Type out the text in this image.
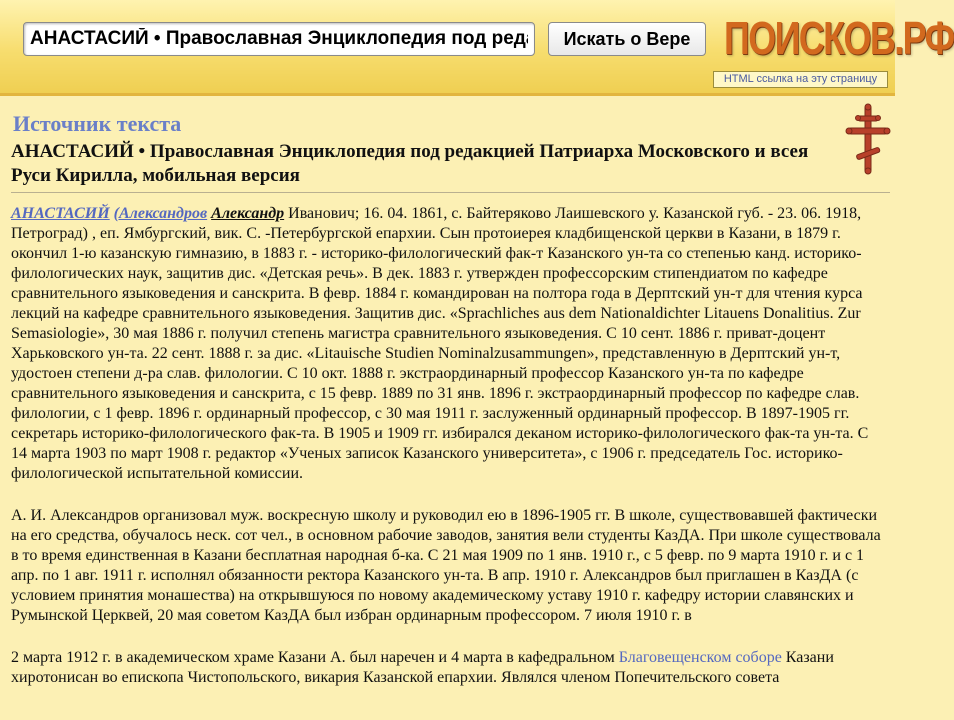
АНАСТАСИЙ • Православная Энциклопедия под редакцией Патриарха Московского и всея Руси Кирилла
Искать о Вере ПОИСКОВ.РФ
HTML ссылка на эту страницу
Источник текста
АНАСТАСИЙ • Православная Энциклопедия под редакцией Патриарха Московского и всея Руси Кирилла, мобильная версия

АНАСТАСИЙ (Александров Александр Иванович; 16. 04. 1861, с. Байтеряково Лаишевского у. Казанской губ. - 23. 06. 1918, Петроград) , еп. Ямбургский, вик. С. -Петербургской епархии. Сын протоиерея кладбищенской церкви в Казани, в 1879 г. окончил 1-ю казанскую гимназию, в 1883 г. - историко-филологический фак-т Казанского ун-та со степенью канд. историко-филологических наук, защитив дис. «Детская речь». В дек. 1883 г. утвержден профессорским стипендиатом по кафедре сравнительного языковедения и санскрита. В февр. 1884 г. командирован на полтора года в Дерптский ун-т для чтения курса лекций на кафедре сравнительного языковедения. Защитив дис. «Sprachliches aus dem Nationaldichter Litauens Donalitius. Zur Semasiologie», 30 мая 1886 г. получил степень магистра сравнительного языковедения. С 10 сент. 1886 г. приват-доцент Харьковского ун-та. 22 сент. 1888 г. за дис. «Litauische Studien Nominalzusammungen», представленную в Дерптский ун-т, удостоен степени д-ра слав. филологии. С 10 окт. 1888 г. экстраординарный профессор Казанского ун-та по кафедре сравнительного языковедения и санскрита, с 15 февр. 1889 по 31 янв. 1896 г. экстраординарный профессор по кафедре слав. филологии, с 1 февр. 1896 г. ординарный профессор, с 30 мая 1911 г. заслуженный ординарный профессор. В 1897-1905 гг. секретарь историко-филологического фак-та. В 1905 и 1909 гг. избирался деканом историко-филологического фак-та ун-та. С 14 марта 1903 по март 1908 г. редактор «Ученых записок Казанского университета», с 1906 г. председатель Гос. историко-филологической испытательной комиссии.

А. И. Александров организовал муж. воскресную школу и руководил ею в 1896-1905 гг. В школе, существовавшей фактически на его средства, обучалось неск. сот чел., в основном рабочие заводов, занятия вели студенты КазДА. При школе существовала в то время единственная в Казани бесплатная народная б-ка. С 21 мая 1909 по 1 янв. 1910 г., с 5 февр. по 9 марта 1910 г. и с 1 апр. по 1 авг. 1911 г. исполнял обязанности ректора Казанского ун-та. В апр. 1910 г. Александров был приглашен в КазДА (с условием принятия монашества) на открывшуюся по новому академическому уставу 1910 г. кафедру истории славянских и Румынской Церквей, 20 мая советом КазДА был избран ординарным профессором. 7 июля 1910 г. в

2 марта 1912 г. в академическом храме Казани А. был наречен и 4 марта в кафедральном Благовещенском соборе Казани хиротонисан во епископа Чистопольского, викария Казанской епархии. Являлся членом Попечительского совета
